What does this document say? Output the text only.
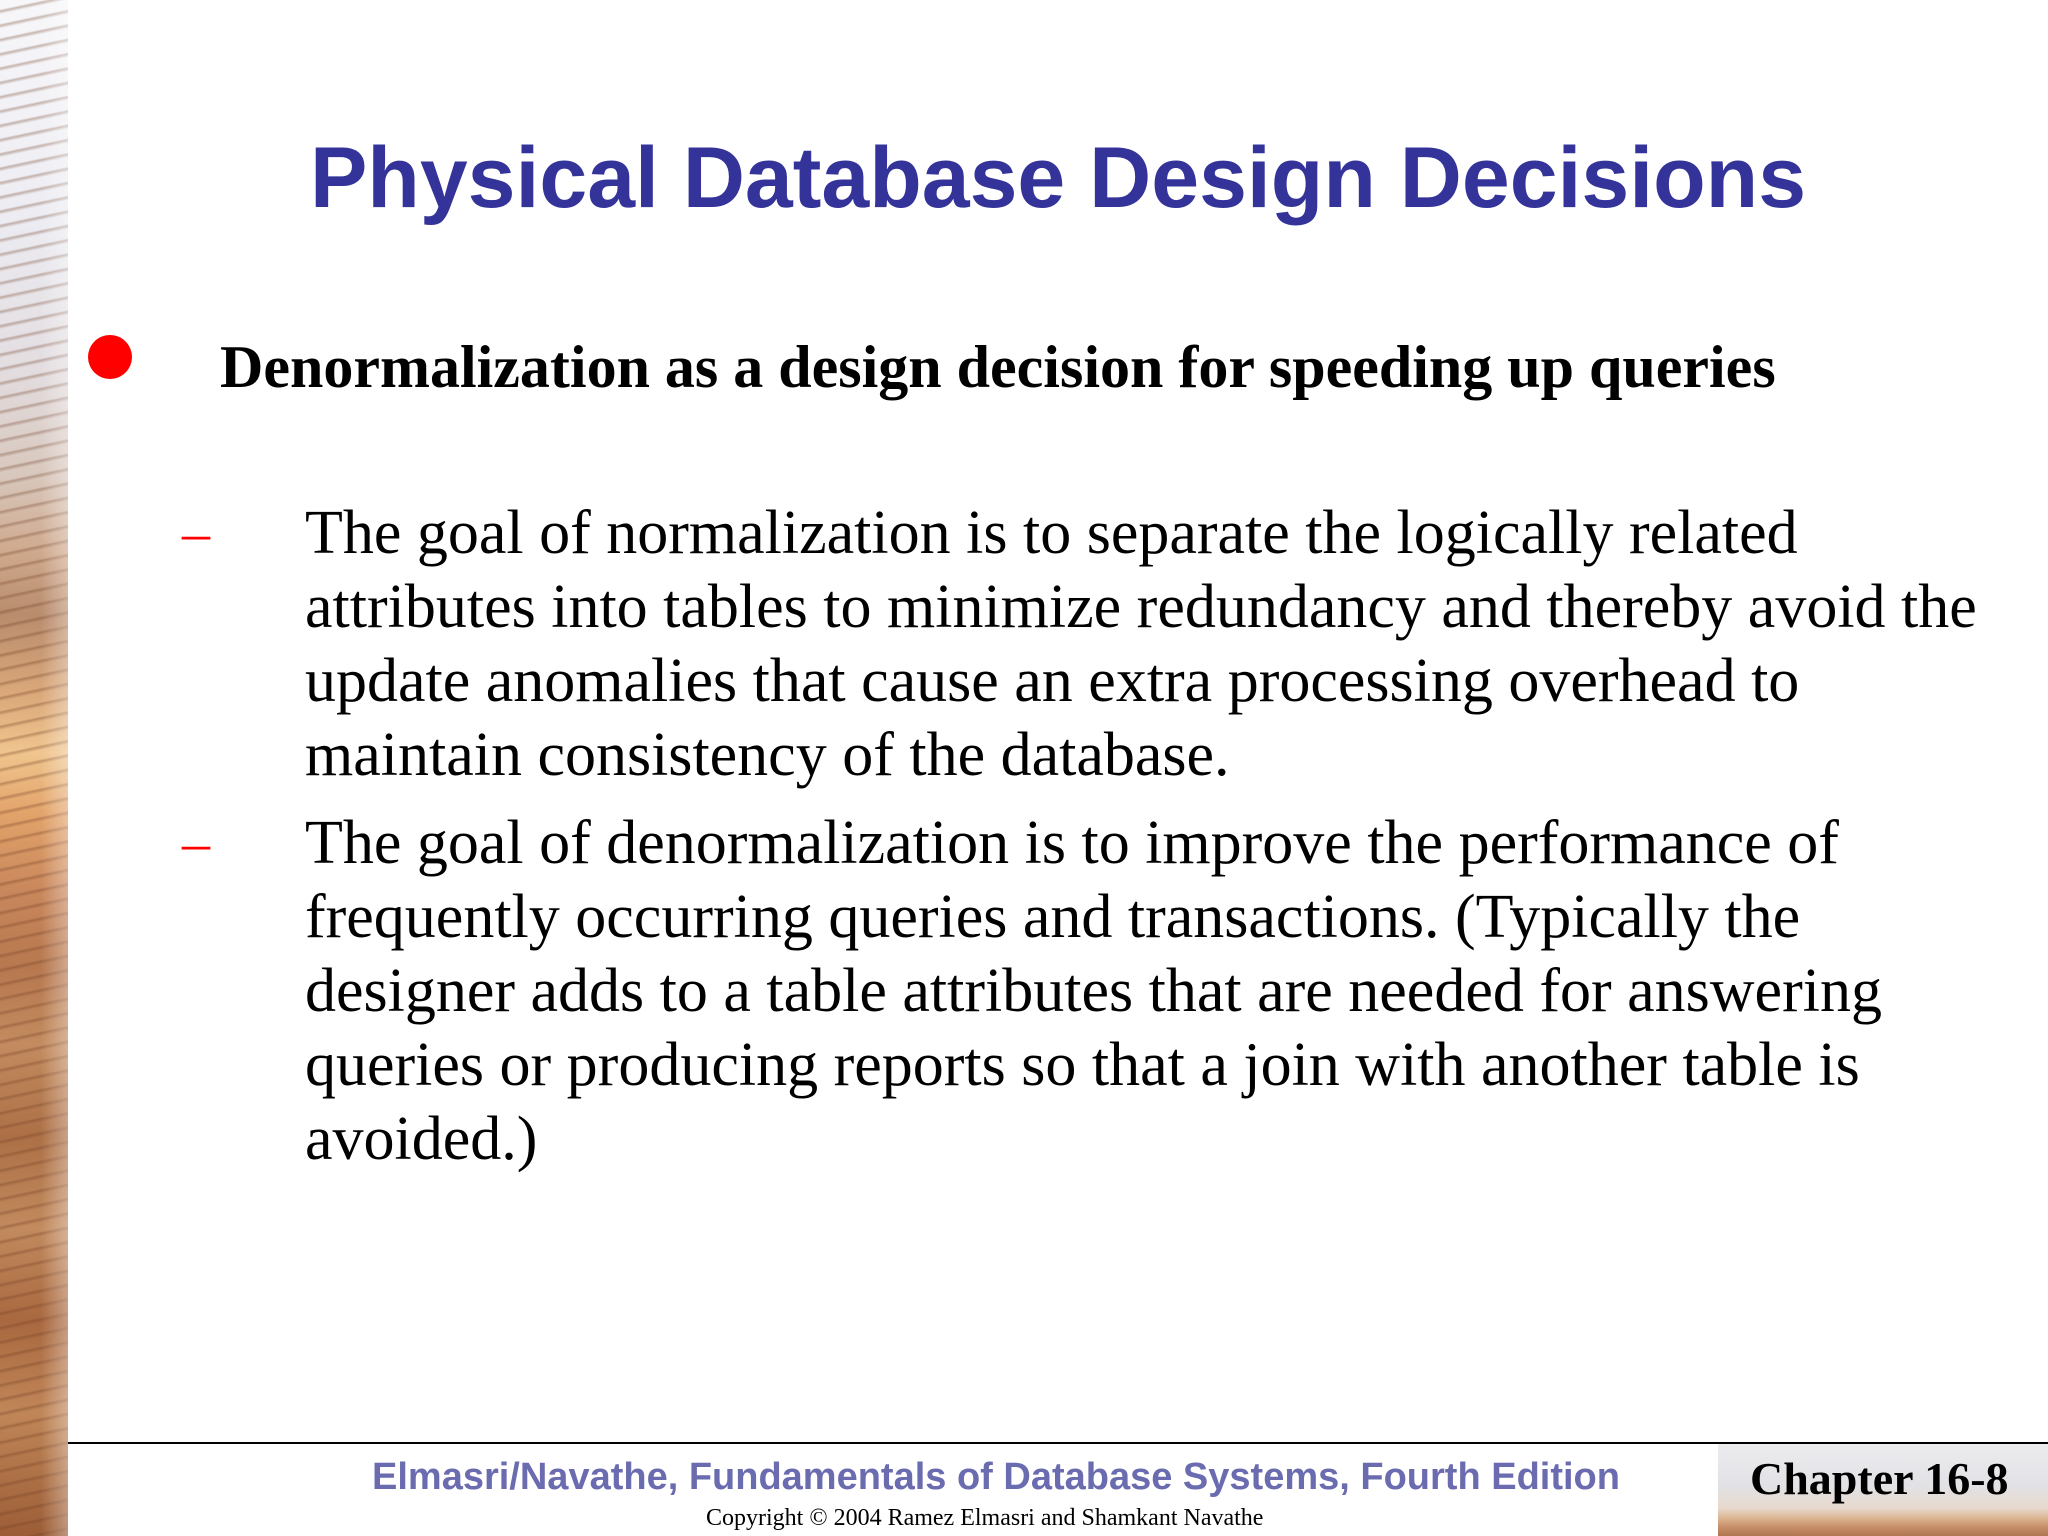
Physical Database Design Decisions

Denormalization as a design decision for speeding up queries

–	The goal of normalization is to separate the logically related attributes into tables to minimize redundancy and thereby avoid the update anomalies that cause an extra processing overhead to maintain consistency of the database.

–	The goal of denormalization is to improve the performance of frequently occurring queries and transactions. (Typically the designer adds to a table attributes that are needed for answering queries or producing reports so that a join with another table is avoided.)

Elmasri/Navathe, Fundamentals of Database Systems, Fourth Edition
Copyright © 2004 Ramez Elmasri and Shamkant Navathe
Chapter 16-8
